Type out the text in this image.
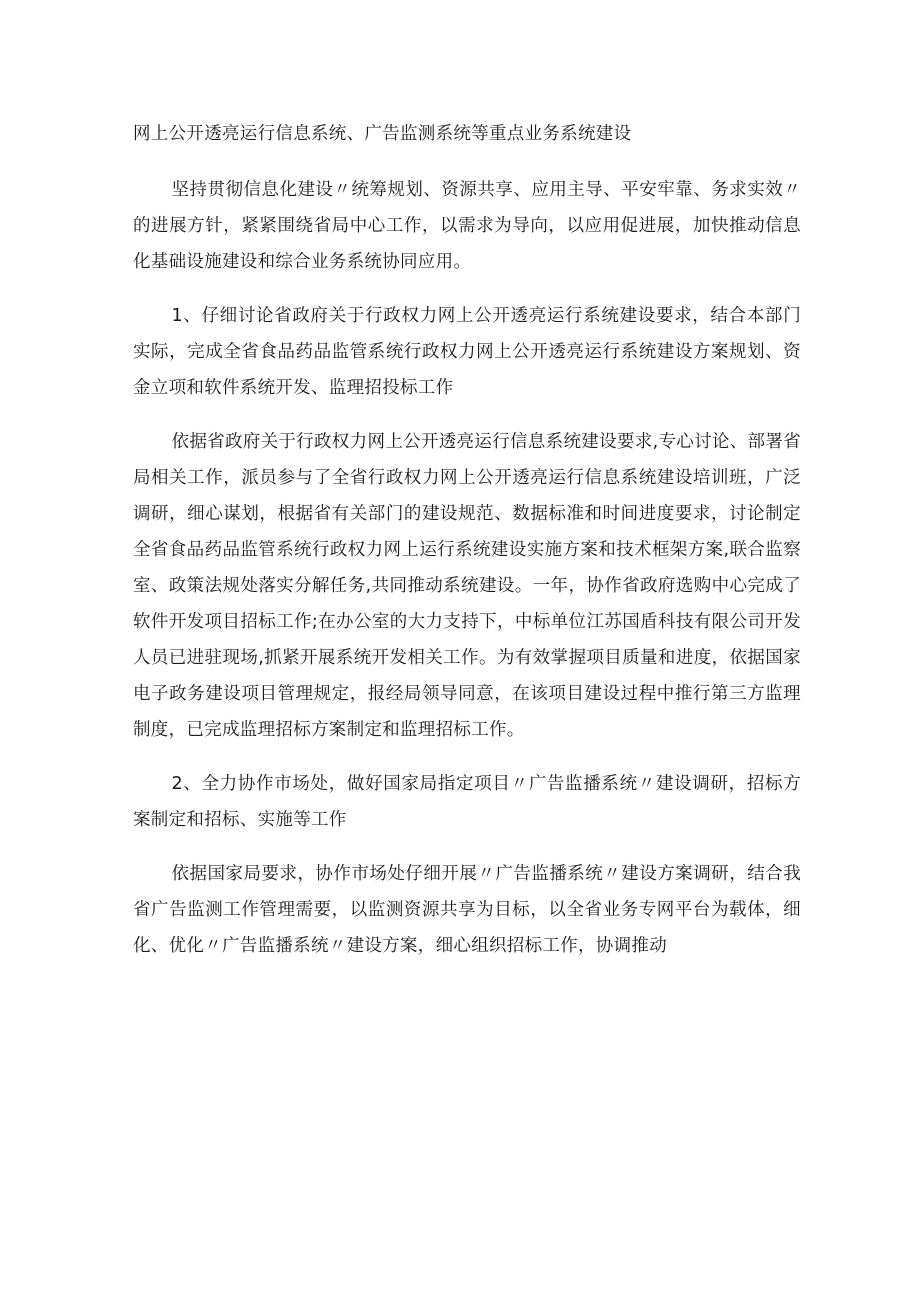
网上公开透亮运行信息系统、广告监测系统等重点业务系统建设

坚持贯彻信息化建设〃统筹规划、资源共享、应用主导、平安牢靠、务求实效〃的进展方针，紧紧围绕省局中心工作，以需求为导向，以应用促进展，加快推动信息化基础设施建设和综合业务系统协同应用。

1、仔细讨论省政府关于行政权力网上公开透亮运行系统建设要求，结合本部门实际，完成全省食品药品监管系统行政权力网上公开透亮运行系统建设方案规划、资金立项和软件系统开发、监理招投标工作

依据省政府关于行政权力网上公开透亮运行信息系统建设要求,专心讨论、部署省局相关工作，派员参与了全省行政权力网上公开透亮运行信息系统建设培训班，广泛调研，细心谋划，根据省有关部门的建设规范、数据标准和时间进度要求，讨论制定全省食品药品监管系统行政权力网上运行系统建设实施方案和技术框架方案,联合监察室、政策法规处落实分解任务,共同推动系统建设。一年，协作省政府选购中心完成了软件开发项目招标工作;在办公室的大力支持下，中标单位江苏国盾科技有限公司开发人员已进驻现场,抓紧开展系统开发相关工作。为有效掌握项目质量和进度，依据国家电子政务建设项目管理规定，报经局领导同意，在该项目建设过程中推行第三方监理制度，已完成监理招标方案制定和监理招标工作。

2、全力协作市场处，做好国家局指定项目〃广告监播系统〃建设调研，招标方案制定和招标、实施等工作

依据国家局要求，协作市场处仔细开展〃广告监播系统〃建设方案调研，结合我省广告监测工作管理需要，以监测资源共享为目标，以全省业务专网平台为载体，细化、优化〃广告监播系统〃建设方案，细心组织招标工作，协调推动
